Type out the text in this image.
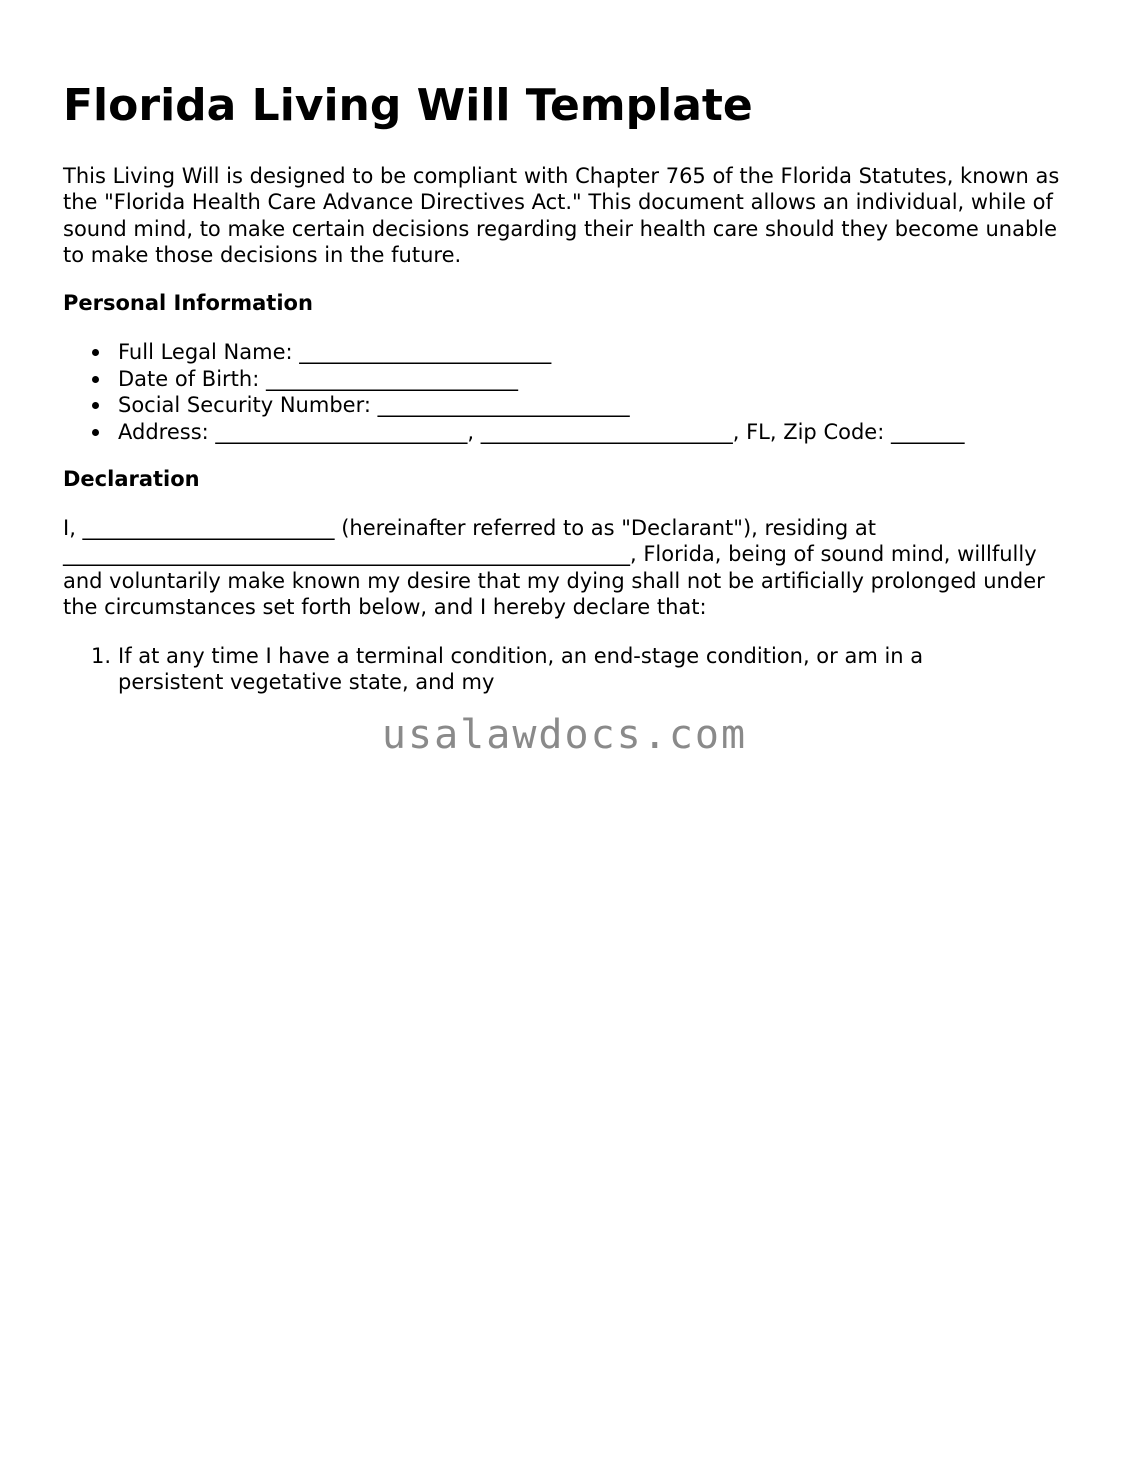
Florida Living Will Template

This Living Will is designed to be compliant with Chapter 765 of the Florida Statutes, known as the "Florida Health Care Advance Directives Act." This document allows an individual, while of sound mind, to make certain decisions regarding their health care should they become unable to make those decisions in the future.

Personal Information
Full Legal Name: ________________________
Date of Birth: ________________________
Social Security Number: ________________________
Address: ________________________, ________________________, FL, Zip Code: _______
Declaration

I, ________________________ (hereinafter referred to as "Declarant"), residing at ______________________________________________________, Florida, being of sound mind, willfully and voluntarily make known my desire that my dying shall not be artificially prolonged under the circumstances set forth below, and I hereby declare that:

1. If at any time I have a terminal condition, an end-stage condition, or am in a persistent vegetative state, and my
usalawdocs.com
